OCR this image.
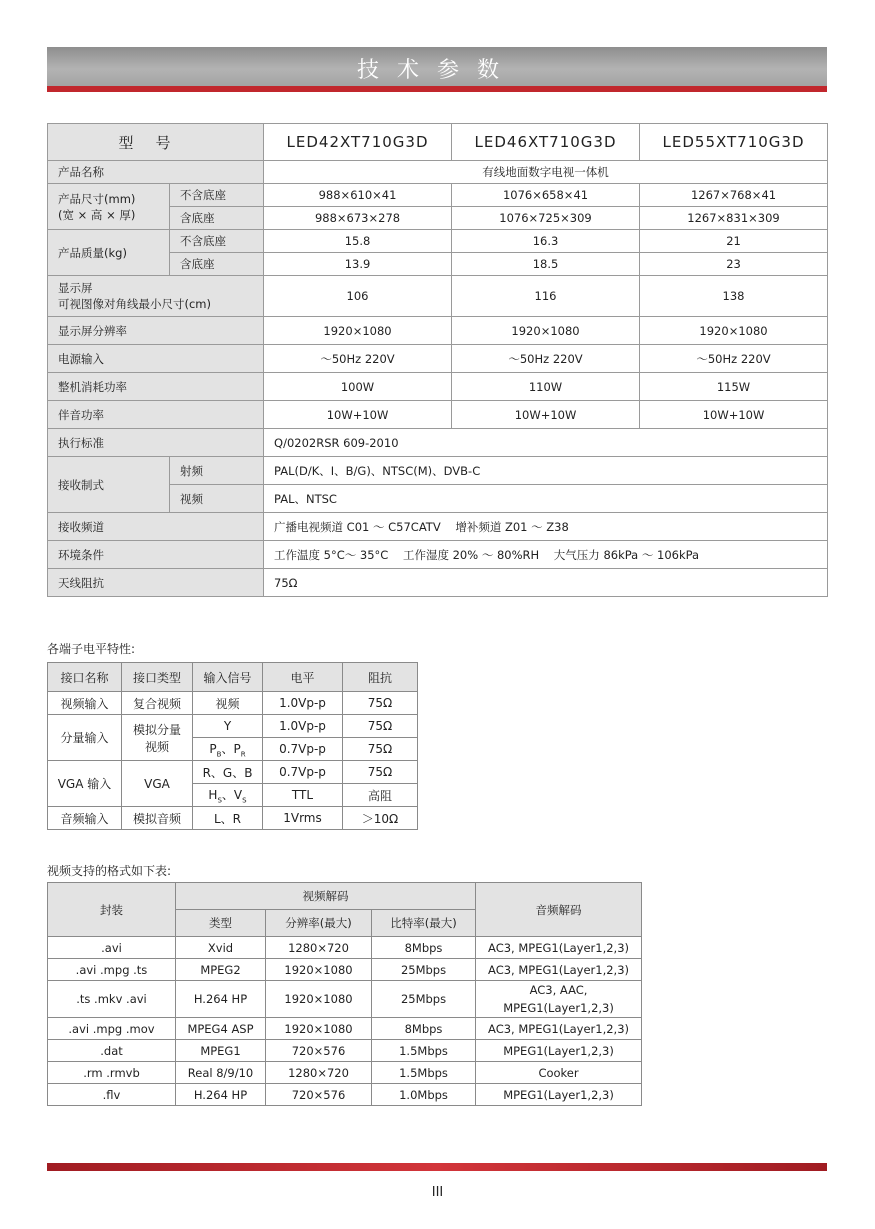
技术参数
型号		LED42XT710G3D	LED46XT710G3D	LED55XT710G3D
产品名称		有线地面数字电视一体机		

产品尺寸(mm)
(宽 × 高 × 厚)	不含底座	988×610×41	1076×658×41	1267×768×41
	含底座	988×673×278	1076×725×309	1267×831×309
产品质量(kg)	不含底座	15.8	16.3	21
	含底座	13.9	18.5	23

显示屏
可视图像对角线最小尺寸(cm)		106	116	138
显示屏分辨率		1920×1080	1920×1080	1920×1080
电源输入		～50Hz 220V	～50Hz 220V	～50Hz 220V
整机消耗功率		100W	110W	115W
伴音功率		10W+10W	10W+10W	10W+10W
执行标准		Q/0202RSR 609-2010		
接收制式	射频	PAL(D/K、I、B/G)、NTSC(M)、DVB-C		
	视频	PAL、NTSC		
接收频道		广播电视频道 C01 ～ C57CATV    增补频道 Z01 ～ Z38		
环境条件		工作温度 5°C～ 35°C    工作湿度 20% ～ 80%RH    大气压力 86kPa ～ 106kPa		
天线阻抗		75Ω		
各端子电平特性:
接口名称	接口类型	输入信号	电平	阻抗
视频输入	复合视频	视频	1.0Vp-p	75Ω
分量输入	模拟分量视频	Y	1.0Vp-p	75Ω
		$P_B$、$P_R$	0.7Vp-p	75Ω
VGA 输入	VGA	R、G、B	0.7Vp-p	75Ω
		$H_S$、$V_S$	TTL	高阻
音频输入	模拟音频	L、R	1Vrms	＞10Ω
视频支持的格式如下表:
封装	视频解码			音频解码
	类型	分辨率(最大)	比特率(最大)	
.avi	Xvid	1280×720	8Mbps	AC3, MPEG1(Layer1,2,3)
.avi .mpg .ts	MPEG2	1920×1080	25Mbps	AC3, MPEG1(Layer1,2,3)
.ts .mkv .avi	H.264 HP	1920×1080	25Mbps	AC3, AAC,
MPEG1(Layer1,2,3)

.avi .mpg .mov	MPEG4 ASP	1920×1080	8Mbps	AC3, MPEG1(Layer1,2,3)
.dat	MPEG1	720×576	1.5Mbps	MPEG1(Layer1,2,3)
.rm .rmvb	Real 8/9/10	1280×720	1.5Mbps	Cooker
.flv	H.264 HP	720×576	1.0Mbps	MPEG1(Layer1,2,3)
III
